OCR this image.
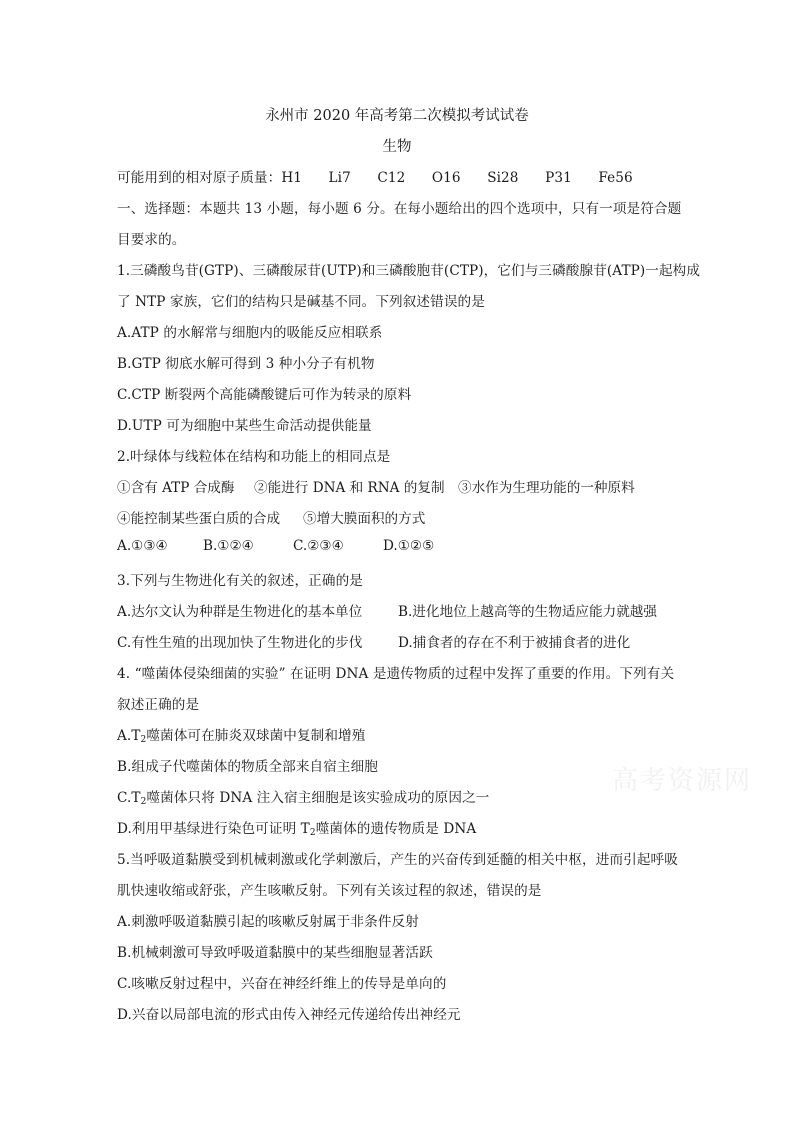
永州市 2020 年高考第二次模拟考试试卷
生物
可能用到的相对原子质量：H1      Li7      C12      O16      Si28      P31      Fe56
一、选择题：本题共 13 小题，每小题 6 分。在每小题给出的四个选项中，只有一项是符合题
目要求的。
1.三磷酸鸟苷(GTP)、三磷酸尿苷(UTP)和三磷酸胞苷(CTP)，它们与三磷酸腺苷(ATP)一起构成
了 NTP 家族，它们的结构只是碱基不同。下列叙述错误的是
A.ATP 的水解常与细胞内的吸能反应相联系
B.GTP 彻底水解可得到 3 种小分子有机物
C.CTP 断裂两个高能磷酸键后可作为转录的原料
D.UTP 可为细胞中某些生命活动提供能量
2.叶绿体与线粒体在结构和功能上的相同点是
①含有 ATP 合成酶 ②能进行 DNA 和 RNA 的复制 ③水作为生理功能的一种原料
④能控制某些蛋白质的合成 ⑤增大膜面积的方式
A.①③④	B.①②④	C.②③④	D.①②⑤
3.下列与生物进化有关的叙述，正确的是
A.达尔文认为种群是生物进化的基本单位	B.进化地位上越高等的生物适应能力就越强
C.有性生殖的出现加快了生物进化的步伐	D.捕食者的存在不利于被捕食者的进化
4. “噬菌体侵染细菌的实验” 在证明 DNA 是遗传物质的过程中发挥了重要的作用。下列有关
叙述正确的是
$A.T_2$噬菌体可在肺炎双球菌中复制和增殖
B.组成子代噬菌体的物质全部来自宿主细胞
$C.T_2$噬菌体只将 DNA 注入宿主细胞是该实验成功的原因之一
D.利用甲基绿进行染色可证明 $T_2$噬菌体的遗传物质是 DNA
5.当呼吸道黏膜受到机械刺激或化学刺激后，产生的兴奋传到延髓的相关中枢，进而引起呼吸
肌快速收缩或舒张，产生咳嗽反射。下列有关该过程的叙述，错误的是
A.刺激呼吸道黏膜引起的咳嗽反射属于非条件反射
B.机械刺激可导致呼吸道黏膜中的某些细胞显著活跃
C.咳嗽反射过程中，兴奋在神经纤维上的传导是单向的
D.兴奋以局部电流的形式由传入神经元传递给传出神经元
高考资源网
